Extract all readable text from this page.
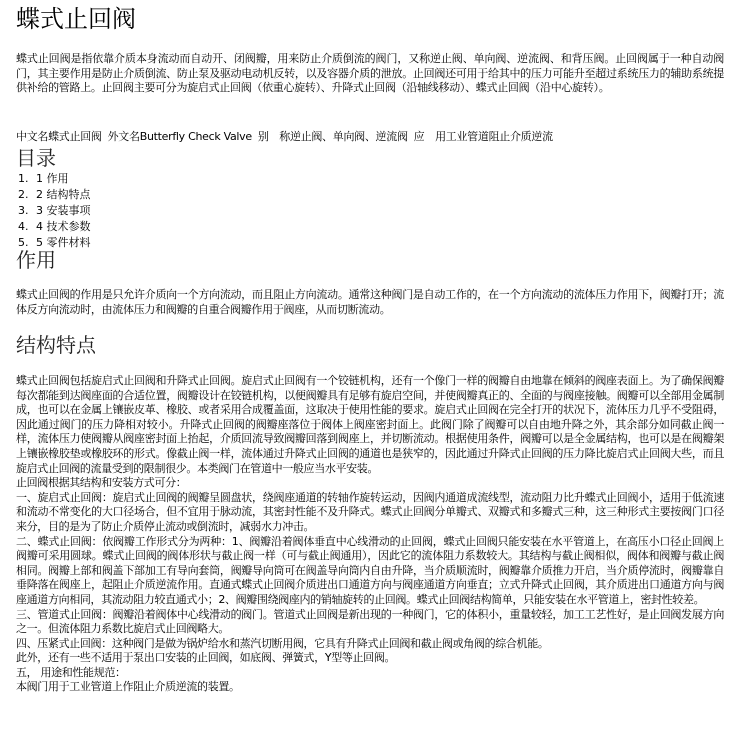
蝶式止回阀

蝶式止回阀是指依靠介质本身流动而自动开、闭阀瓣，用来防止介质倒流的阀门，又称逆止阀、单向阀、逆流阀、和背压阀。止回阀属于一种自动阀门，其主要作用是防止介质倒流、防止泵及驱动电动机反转，以及容器介质的泄放。止回阀还可用于给其中的压力可能升至超过系统压力的辅助系统提供补给的管路上。止回阀主要可分为旋启式止回阀（依重心旋转）、升降式止回阀（沿轴线移动）、蝶式止回阀（沿中心旋转）。

中文名蝶式止回阀 外文名Butterfly Check Valve 别　称逆止阀、单向阀、逆流阀 应　用工业管道阻止介质逆流
目录
1. 1 作用
2. 2 结构特点
3. 3 安装事项
4. 4 技术参数
5. 5 零件材料
作用

蝶式止回阀的作用是只允许介质向一个方向流动，而且阻止方向流动。通常这种阀门是自动工作的，在一个方向流动的流体压力作用下，阀瓣打开；流体反方向流动时，由流体压力和阀瓣的自重合阀瓣作用于阀座，从而切断流动。

结构特点

蝶式止回阀包括旋启式止回阀和升降式止回阀。旋启式止回阀有一个铰链机构，还有一个像门一样的阀瓣自由地靠在倾斜的阀座表面上。为了确保阀瓣每次都能到达阀座面的合适位置，阀瓣设计在铰链机构，以便阀瓣具有足够有旋启空间，并使阀瓣真正的、全面的与阀座接触。阀瓣可以全部用金属制成，也可以在金属上镶嵌皮革、橡胶、或者采用合成覆盖面，这取决于使用性能的要求。旋启式止回阀在完全打开的状况下，流体压力几乎不受阻碍，因此通过阀门的压力降相对较小。升降式止回阀的阀瓣座落位于阀体上阀座密封面上。此阀门除了阀瓣可以自由地升降之外，其余部分如同截止阀一样，流体压力使阀瓣从阀座密封面上抬起，介质回流导致阀瓣回落到阀座上，并切断流动。根据使用条件，阀瓣可以是全金属结构，也可以是在阀瓣架上镶嵌橡胶垫或橡胶环的形式。像截止阀一样，流体通过升降式止回阀的通道也是狭窄的，因此通过升降式止回阀的压力降比旋启式止回阀大些，而且旋启式止回阀的流量受到的限制很少。本类阀门在管道中一般应当水平安装。

止回阀根据其结构和安装方式可分：

一、旋启式止回阀：旋启式止回阀的阀瓣呈圆盘状，绕阀座通道的转轴作旋转运动，因阀内通道成流线型，流动阻力比升蝶式止回阀小，适用于低流速和流动不常变化的大口径场合，但不宜用于脉动流，其密封性能不及升降式。蝶式止回阀分单瓣式、双瓣式和多瓣式三种，这三种形式主要按阀门口径来分，目的是为了防止介质停止流动或倒流时，减弱水力冲击。

二、蝶式止回阀：依阀瓣工作形式分为两种：1、阀瓣沿着阀体垂直中心线滑动的止回阀，蝶式止回阀只能安装在水平管道上，在高压小口径止回阀上阀瓣可采用圆球。蝶式止回阀的阀体形状与截止阀一样（可与截止阀通用），因此它的流体阻力系数较大。其结构与截止阀相似，阀体和阀瓣与截止阀相同。阀瓣上部和阀盖下部加工有导向套筒，阀瓣导向筒可在阀盖导向筒内自由升降，当介质顺流时，阀瓣靠介质推力开启，当介质停流时，阀瓣靠自垂降落在阀座上，起阻止介质逆流作用。直通式蝶式止回阀介质进出口通道方向与阀座通道方向垂直；立式升降式止回阀，其介质进出口通道方向与阀座通道方向相同，其流动阻力较直通式小；2、阀瓣围绕阀座内的销轴旋转的止回阀。蝶式止回阀结构简单，只能安装在水平管道上，密封性较差。

三、管道式止回阀：阀瓣沿着阀体中心线滑动的阀门。管道式止回阀是新出现的一种阀门，它的体积小，重量较轻，加工工艺性好，是止回阀发展方向之一。但流体阻力系数比旋启式止回阀略大。

四、压紧式止回阀：这种阀门是做为锅炉给水和蒸汽切断用阀，它具有升降式止回阀和截止阀或角阀的综合机能。

此外，还有一些不适用于泵出口安装的止回阀，如底阀、弹簧式，Y型等止回阀。

五， 用途和性能规范：

本阀门用于工业管道上作阻止介质逆流的装置。
